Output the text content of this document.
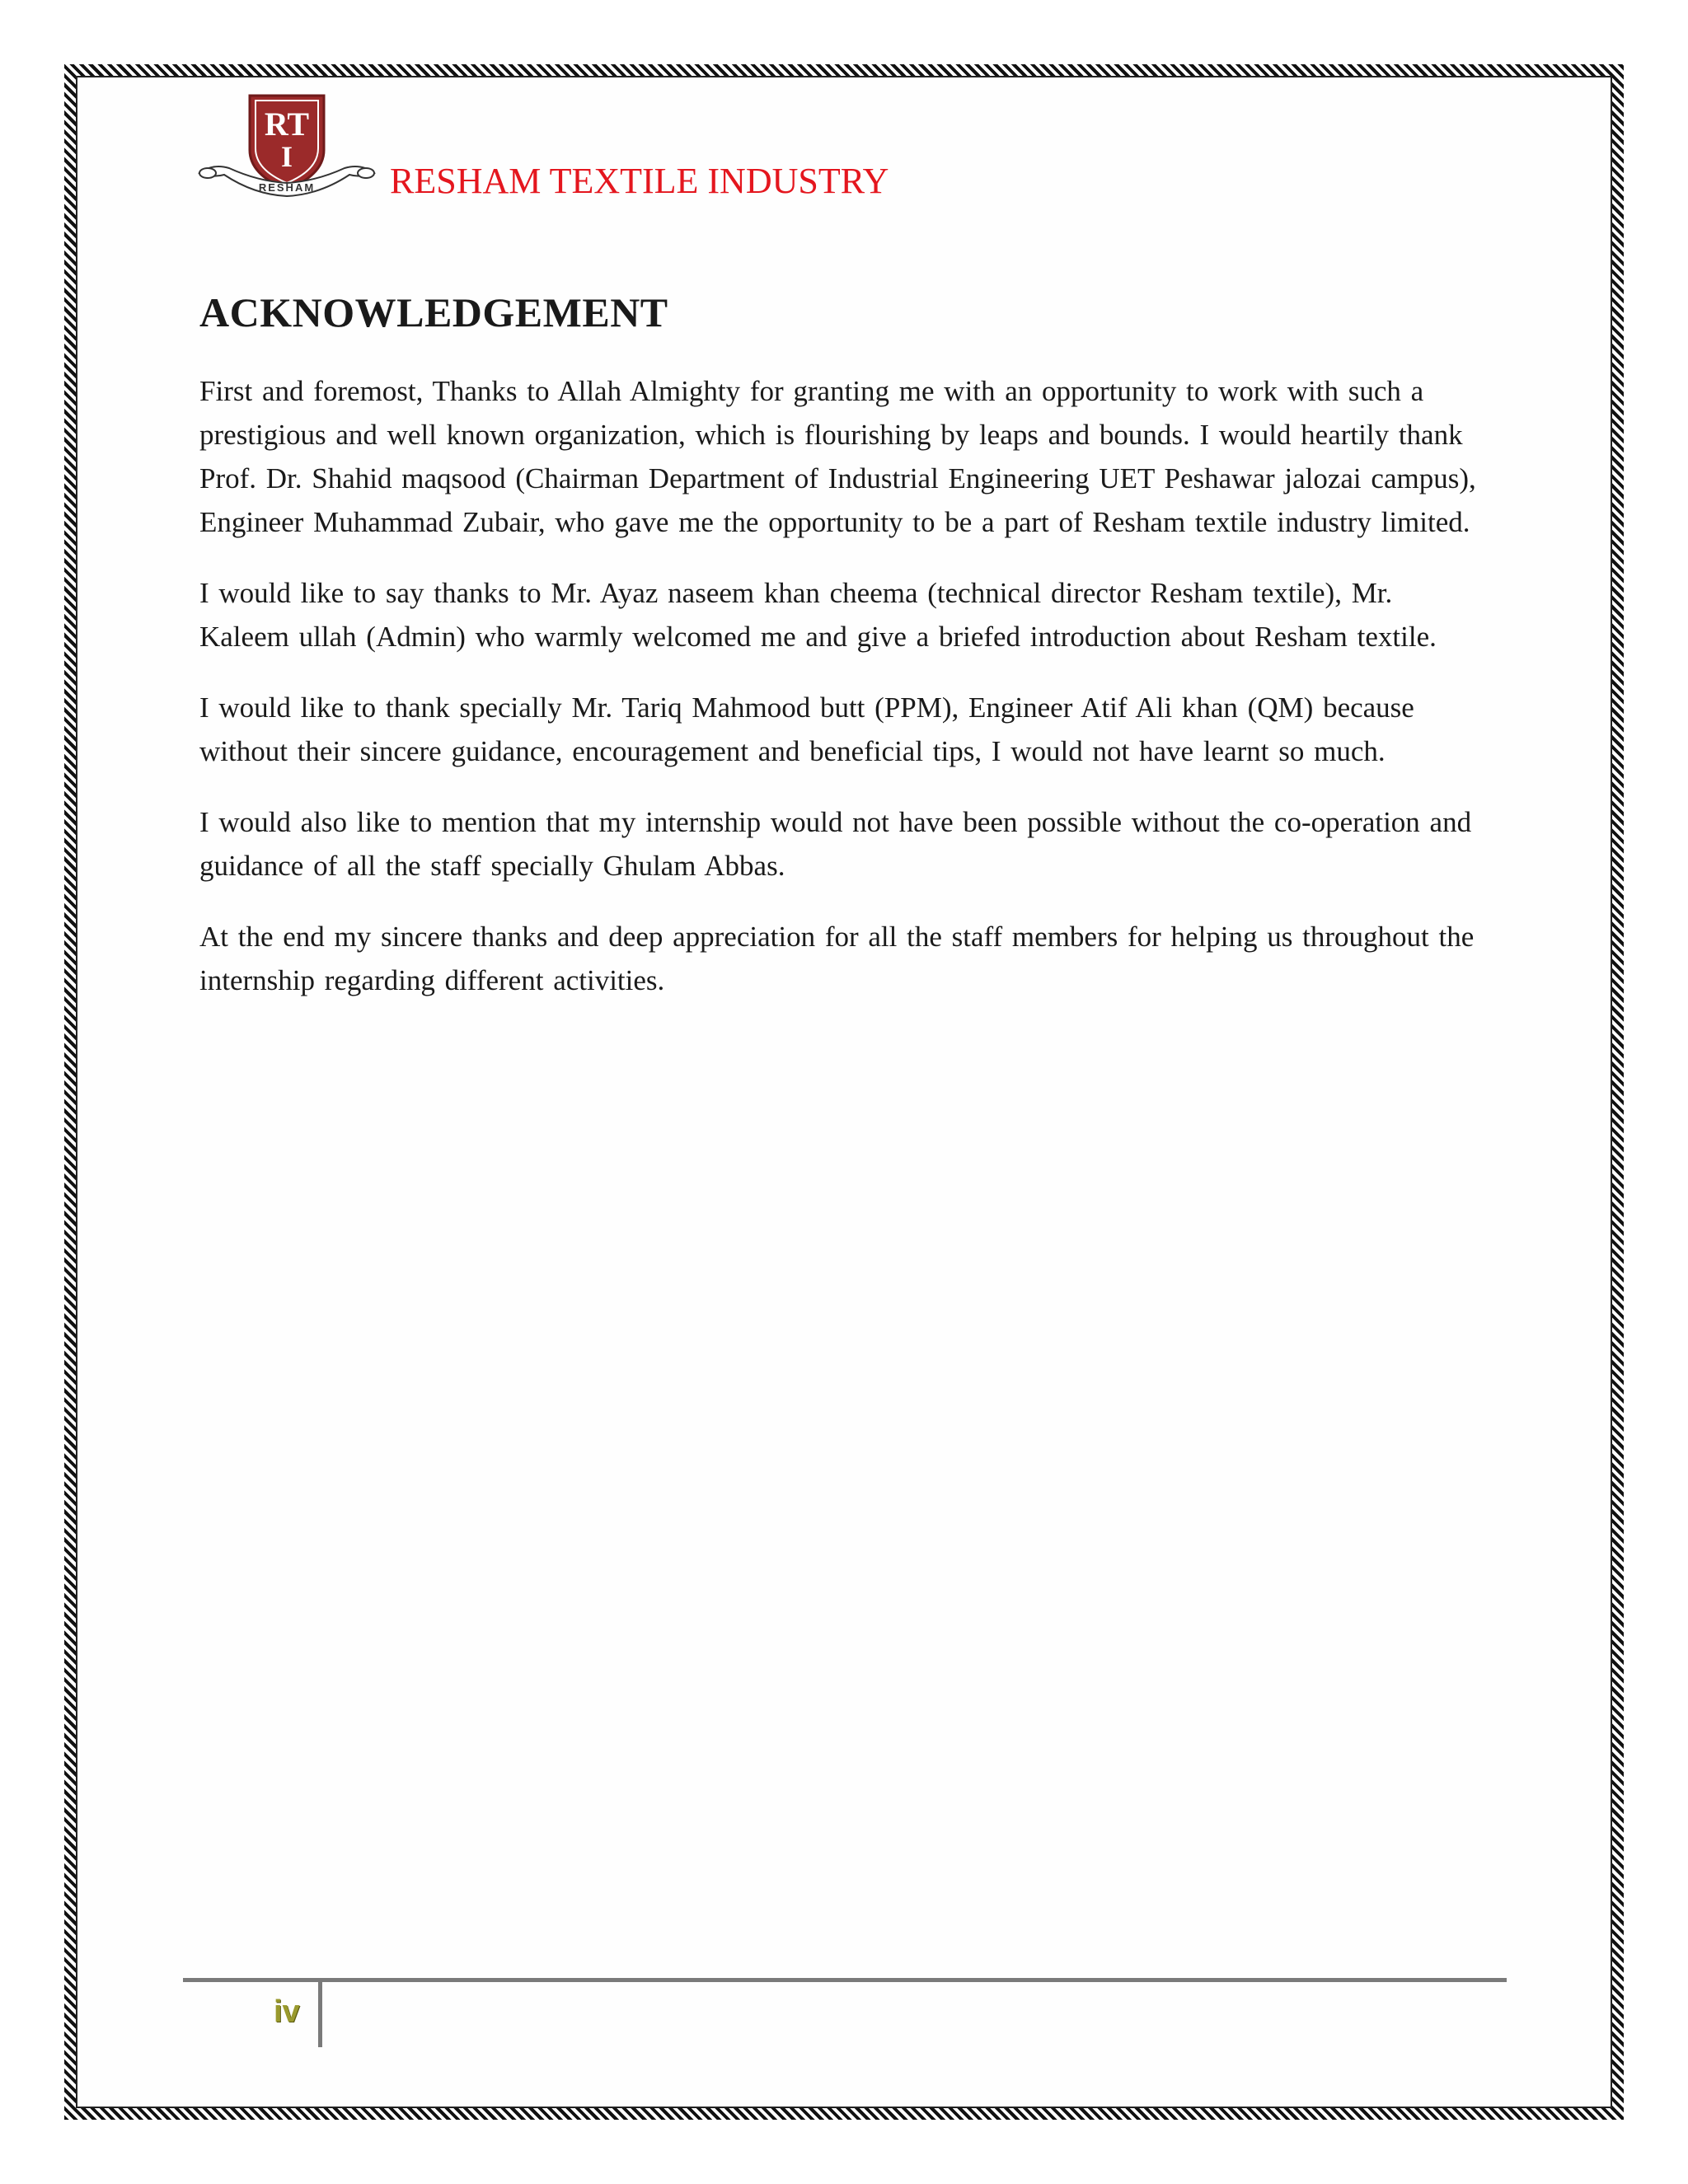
RT
I
RESHAM RESHAM TEXTILE INDUSTRY
ACKNOWLEDGEMENT

First and foremost, Thanks to Allah Almighty for granting me with an opportunity to work with such a prestigious and well known organization, which is flourishing by leaps and bounds. I would heartily thank Prof. Dr. Shahid maqsood (Chairman Department of Industrial Engineering UET Peshawar jalozai campus), Engineer Muhammad Zubair, who gave me the opportunity to be a part of Resham textile industry limited.

I would like to say thanks to Mr. Ayaz naseem khan cheema (technical director Resham textile), Mr. Kaleem ullah (Admin) who warmly welcomed me and give a briefed introduction about Resham textile.

I would like to thank specially Mr. Tariq Mahmood butt (PPM), Engineer Atif Ali khan (QM) because without their sincere guidance, encouragement and beneficial tips, I would not have learnt so much.

I would also like to mention that my internship would not have been possible without the co-operation and guidance of all the staff specially Ghulam Abbas.

At the end my sincere thanks and deep appreciation for all the staff members for helping us throughout the internship regarding different activities.

iv
